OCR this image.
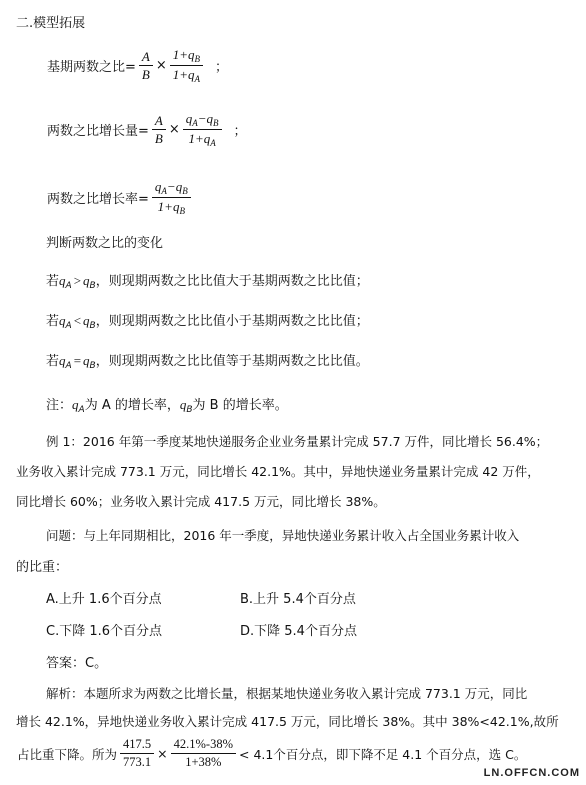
二.模型拓展
基期两数之比= $\frac{A}{B} \times \frac{1+q_B}{1+q_A}$ ；
两数之比增长量= $\frac{A}{B} \times \frac{q_A-q_B}{1+q_A}$ ；
两数之比增长率= $\frac{q_A-q_B}{1+q_B}$
判断两数之比的变化
若$q_A > q_B$，则现期两数之比比值大于基期两数之比比值；
若$q_A < q_B$，则现期两数之比比值小于基期两数之比比值；
若$q_A = q_B$，则现期两数之比比值等于基期两数之比比值。
注：$q_A$为 A 的增长率，$q_B$为 B 的增长率。
例 1：2016 年第一季度某地快递服务企业业务量累计完成 57.7 万件，同比增长 56.4%；
业务收入累计完成 773.1 万元，同比增长 42.1%。其中，异地快递业务量累计完成 42 万件，
同比增长 60%；业务收入累计完成 417.5 万元，同比增长 38%。
问题：与上年同期相比，2016 年一季度，异地快递业务累计收入占全国业务累计收入
的比重：
A.上升 1.6个百分点	B.上升 5.4个百分点
C.下降 1.6个百分点	D.下降 5.4个百分点
答案：C。
解析：本题所求为两数之比增长量，根据某地快递业务收入累计完成 773.1 万元，同比
增长 42.1%，异地快递业务收入累计完成 417.5 万元，同比增长 38%。其中 38%<42.1%,故所
占比重下降。所为 $\frac{417.5}{773.1} \times \frac{42.1\%-38\%}{1+38\%} < 4.1$个百分点，即下降不足 4.1 个百分点，选 C。
LN.OFFCN.COM
